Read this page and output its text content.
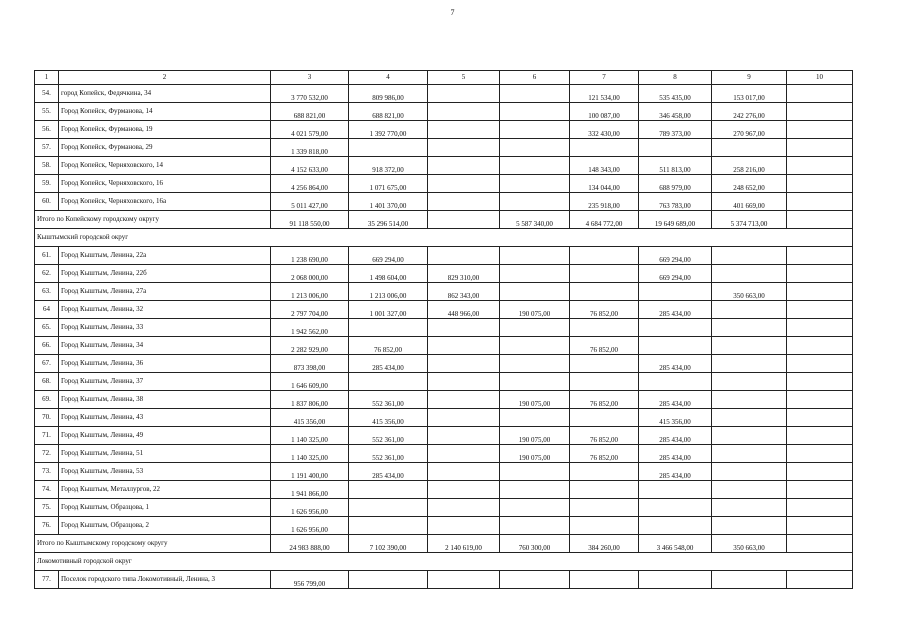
7
1	2	3	4	5	6	7	8	9	10
54.	город Копейск, Федячкина, 34	3 770 532,00	809 986,00			121 534,00	535 435,00	153 017,00	
55.	Город Копейск, Фурманова, 14	688 821,00	688 821,00			100 087,00	346 458,00	242 276,00	
56.	Город Копейск, Фурманова, 19	4 021 579,00	1 392 770,00			332 430,00	789 373,00	270 967,00	
57.	Город Копейск, Фурманова, 29	1 339 818,00							
58.	Город Копейск, Черняховского, 14	4 152 633,00	918 372,00			148 343,00	511 813,00	258 216,00	
59.	Город Копейск, Черняховского, 16	4 256 864,00	1 071 675,00			134 044,00	688 979,00	248 652,00	
60.	Город Копейск, Черняховского, 16а	5 011 427,00	1 401 370,00			235 918,00	763 783,00	401 669,00	
Итого по Копейскому городскому округу		91 118 550,00	35 296 514,00		5 587 340,00	4 684 772,00	19 649 689,00	5 374 713,00	
Кыштымский городской округ									
61.	Город Кыштым, Ленина, 22а	1 238 690,00	669 294,00				669 294,00		
62.	Город Кыштым, Ленина, 22б	2 068 000,00	1 498 604,00	829 310,00			669 294,00		
63.	Город Кыштым, Ленина, 27а	1 213 006,00	1 213 006,00	862 343,00				350 663,00	
64	Город Кыштым, Ленина, 32	2 797 704,00	1 001 327,00	448 966,00	190 075,00	76 852,00	285 434,00		
65.	Город Кыштым, Ленина, 33	1 942 562,00							
66.	Город Кыштым, Ленина, 34	2 282 929,00	76 852,00			76 852,00			
67.	Город Кыштым, Ленина, 36	873 398,00	285 434,00				285 434,00		
68.	Город Кыштым, Ленина, 37	1 646 609,00							
69.	Город Кыштым, Ленина, 38	1 837 806,00	552 361,00		190 075,00	76 852,00	285 434,00		
70.	Город Кыштым, Ленина, 43	415 356,00	415 356,00				415 356,00		
71.	Город Кыштым, Ленина, 49	1 140 325,00	552 361,00		190 075,00	76 852,00	285 434,00		
72.	Город Кыштым, Ленина, 51	1 140 325,00	552 361,00		190 075,00	76 852,00	285 434,00		
73.	Город Кыштым, Ленина, 53	1 191 400,00	285 434,00				285 434,00		
74.	Город Кыштым, Металлургов, 22	1 941 866,00							
75.	Город Кыштым, Образцова, 1	1 626 956,00							
76.	Город Кыштым, Образцова, 2	1 626 956,00							
Итого по Кыштымскому городскому округу		24 983 888,00	7 102 390,00	2 140 619,00	760 300,00	384 260,00	3 466 548,00	350 663,00	
Локомотивный городской округ									
77.	Поселок городского типа Локомотивный, Ленина, 3	956 799,00							
